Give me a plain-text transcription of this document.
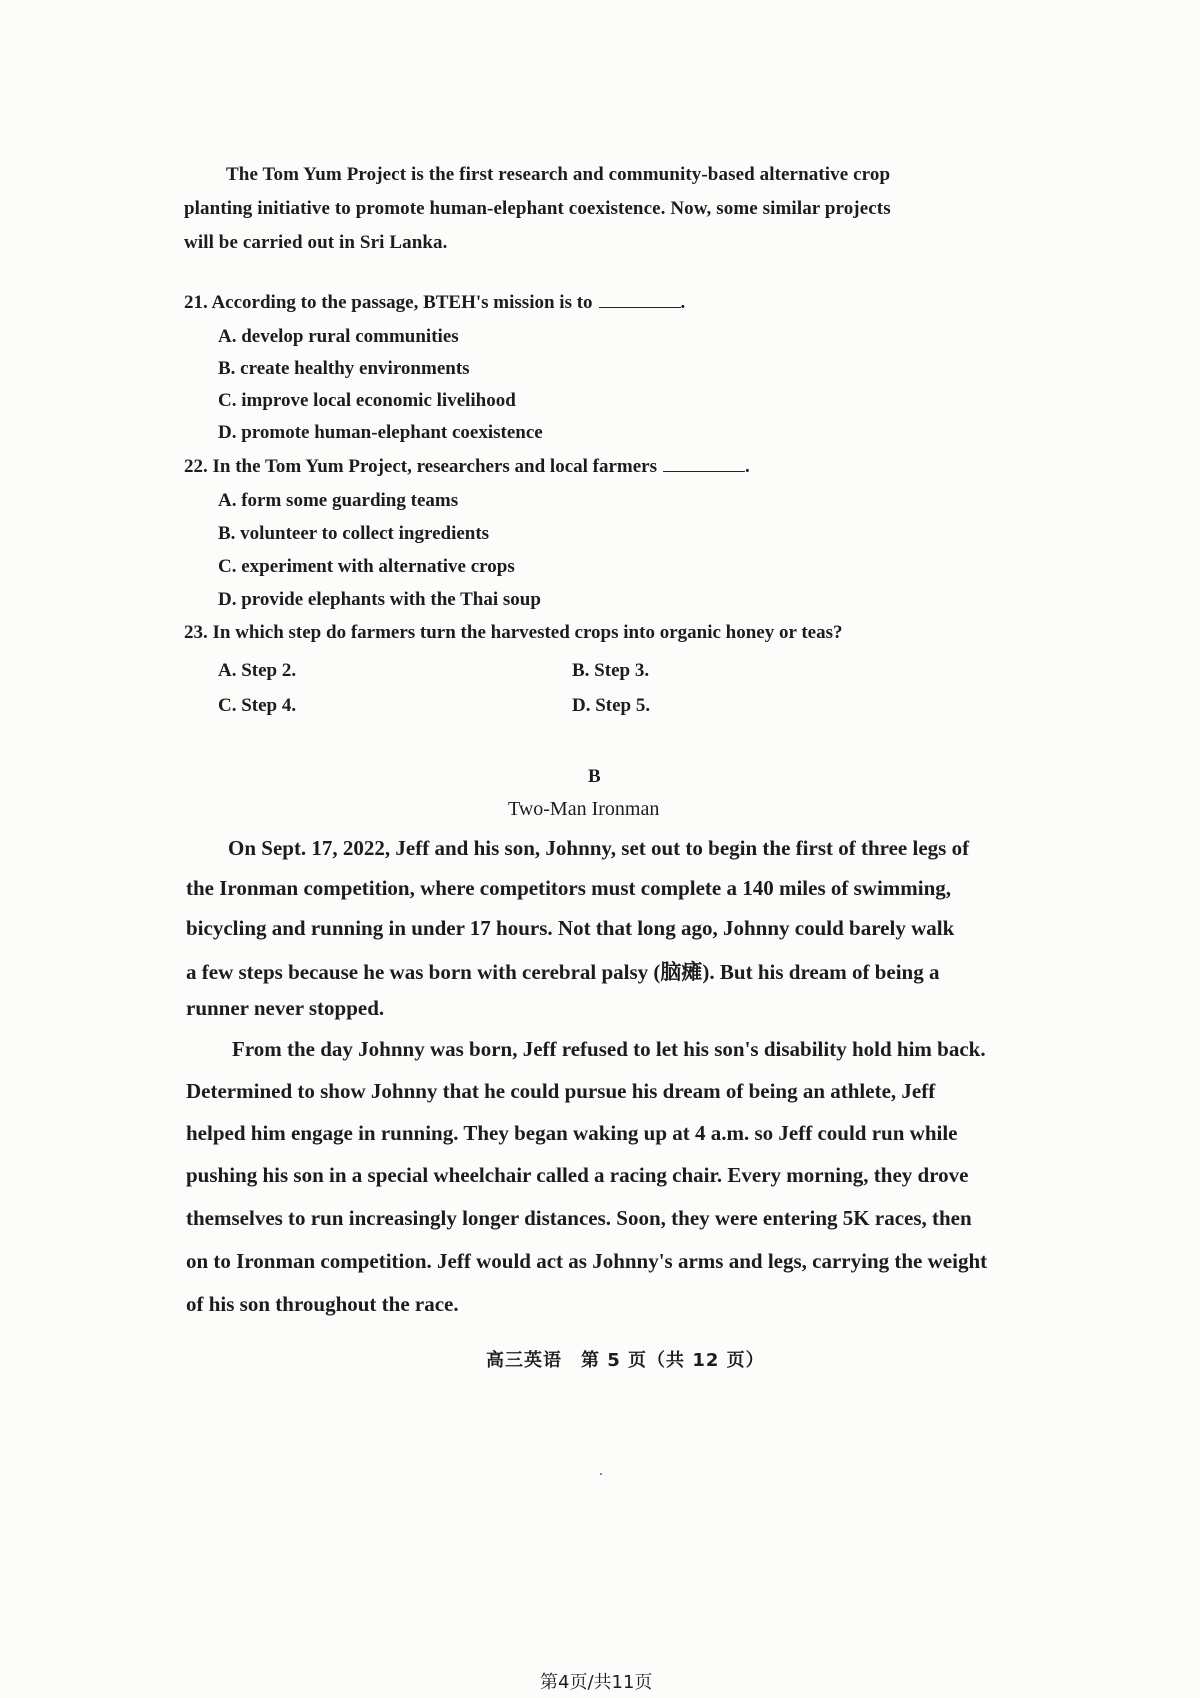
The Tom Yum Project is the first research and community-based alternative crop

planting initiative to promote human-elephant coexistence. Now, some similar projects

will be carried out in Sri Lanka.

21. According to the passage, BTEH's mission is to	.

A. develop rural communities

B. create healthy environments

C. improve local economic livelihood

D. promote human-elephant coexistence

22. In the Tom Yum Project, researchers and local farmers	.

A. form some guarding teams

B. volunteer to collect ingredients

C. experiment with alternative crops

D. provide elephants with the Thai soup

23. In which step do farmers turn the harvested crops into organic honey or teas?

A. Step 2.	B. Step 3.

C. Step 4.	D. Step 5.

B
Two-Man Ironman

On Sept. 17, 2022, Jeff and his son, Johnny, set out to begin the first of three legs of

the Ironman competition, where competitors must complete a 140 miles of swimming,

bicycling and running in under 17 hours. Not that long ago, Johnny could barely walk

a few steps because he was born with cerebral palsy (脑瘫). But his dream of being a

runner never stopped.

From the day Johnny was born, Jeff refused to let his son's disability hold him back.

Determined to show Johnny that he could pursue his dream of being an athlete, Jeff

helped him engage in running. They began waking up at 4 a.m. so Jeff could run while

pushing his son in a special wheelchair called a racing chair. Every morning, they drove

themselves to run increasingly longer distances. Soon, they were entering 5K races, then

on to Ironman competition. Jeff would act as Johnny's arms and legs, carrying the weight

of his son throughout the race.

高三英语　第 5 页（共 12 页）
第4页/共11页
